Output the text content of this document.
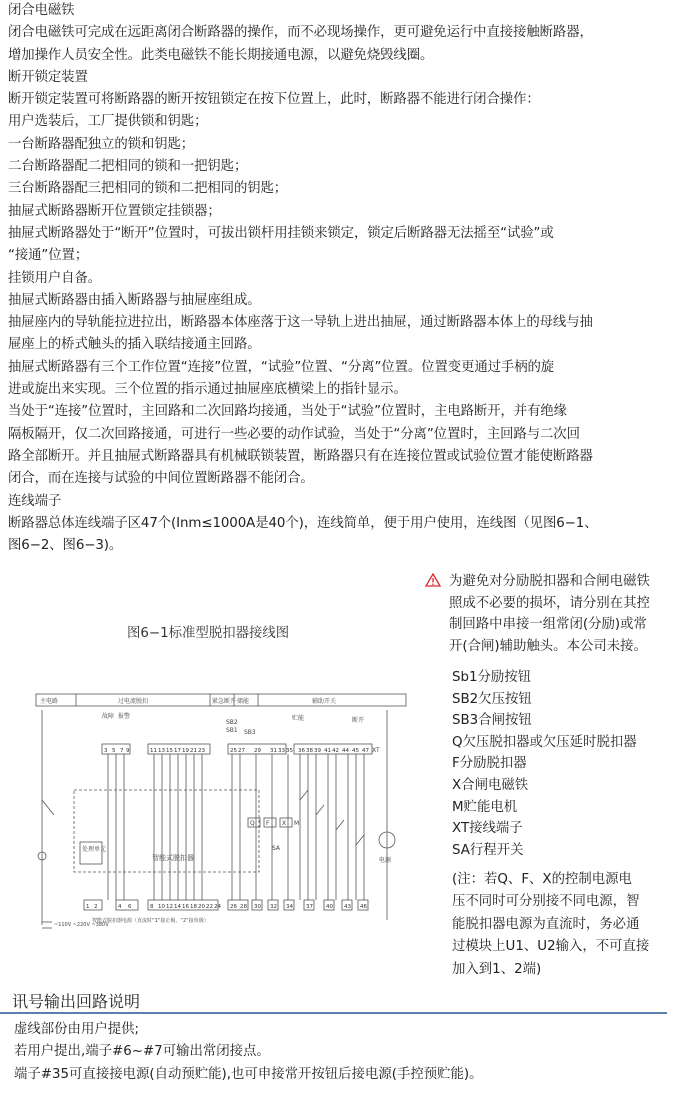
闭合电磁铁
闭合电磁铁可完成在远距离闭合断路器的操作，而不必现场操作，更可避免运行中直接接触断路器，
增加操作人员安全性。此类电磁铁不能长期接通电源，以避免烧毁线圈。
断开锁定装置
断开锁定装置可将断路器的断开按钮锁定在按下位置上，此时，断路器不能进行闭合操作：
用户选装后，工厂提供锁和钥匙；
一台断路器配独立的锁和钥匙；
二台断路器配二把相同的锁和一把钥匙；
三台断路器配三把相同的锁和二把相同的钥匙；
抽屉式断路器断开位置锁定挂锁器；
抽屉式断路器处于“断开”位置时，可拔出锁杆用挂锁来锁定，锁定后断路器无法摇至“试验”或
“接通”位置；
挂锁用户自备。
抽屉式断路器由插入断路器与抽屉座组成。
抽屉座内的导轨能拉进拉出，断路器本体座落于这一导轨上进出抽屉，通过断路器本体上的母线与抽
屉座上的桥式触头的插入联结接通主回路。
抽屉式断路器有三个工作位置“连接”位置，“试验”位置、“分离”位置。位置变更通过手柄的旋
进或旋出来实现。三个位置的指示通过抽屉座底横梁上的指针显示。
当处于“连接”位置时，主回路和二次回路均接通，当处于“试验”位置时，主电路断开，并有绝缘
隔板隔开，仅二次回路接通，可进行一些必要的动作试验，当处于“分离”位置时，主回路与二次回
路全部断开。并且抽屉式断路器具有机械联锁装置，断路器只有在连接位置或试验位置才能使断路器
闭合，而在连接与试验的中间位置断路器不能闭合。
连线端子
断路器总体连线端子区47个(Inm≤1000A是40个)，连线简单，便于用户使用，连线图（见图6−1、
图6−2、图6−3)。
图6−1标准型脱扣器接线图
主电路	过电流脱扣	紧急断开 储能	辅助开关
SB2
SB1 SB3
故障 报警	贮能	断开
XT
SA
Q F X M
电源
处理单元
智能式脱扣器
~110V ~220V ~380V
智能式脱扣器电源（直流时“1”接正极，“2”接负极）
3 5 7 9	11 13 15 17 19 21 23	25 27 29 31 33 35 36 38 39 41 42 44 45 47
1 2	4 6	8 10 12 14 16 18 20 22 24 26 28 30 32 34 37 40 43 46
为避免对分励脱扣器和合闸电磁铁
照成不必要的损坏，请分别在其控
制回路中串接一组常闭(分励)或常
开(合闸)辅助触头。本公司未接。
Sb1分励按钮
SB2欠压按钮
SB3合闸按钮
Q欠压脱扣器或欠压延时脱扣器
F分励脱扣器
X合闸电磁铁
M贮能电机
XT接线端子
SA行程开关
(注：若Q、F、X的控制电源电
压不同时可分别接不同电源，智
能脱扣器电源为直流时，务必通
过模块上U1、U2输入，不可直接
加入到1、2端)
讯号输出回路说明
虚线部份由用户提供;
若用户提出,端子#6~#7可输出常闭接点。
端子#35可直接接电源(自动预贮能),也可申接常开按钮后接电源(手控预贮能)。
